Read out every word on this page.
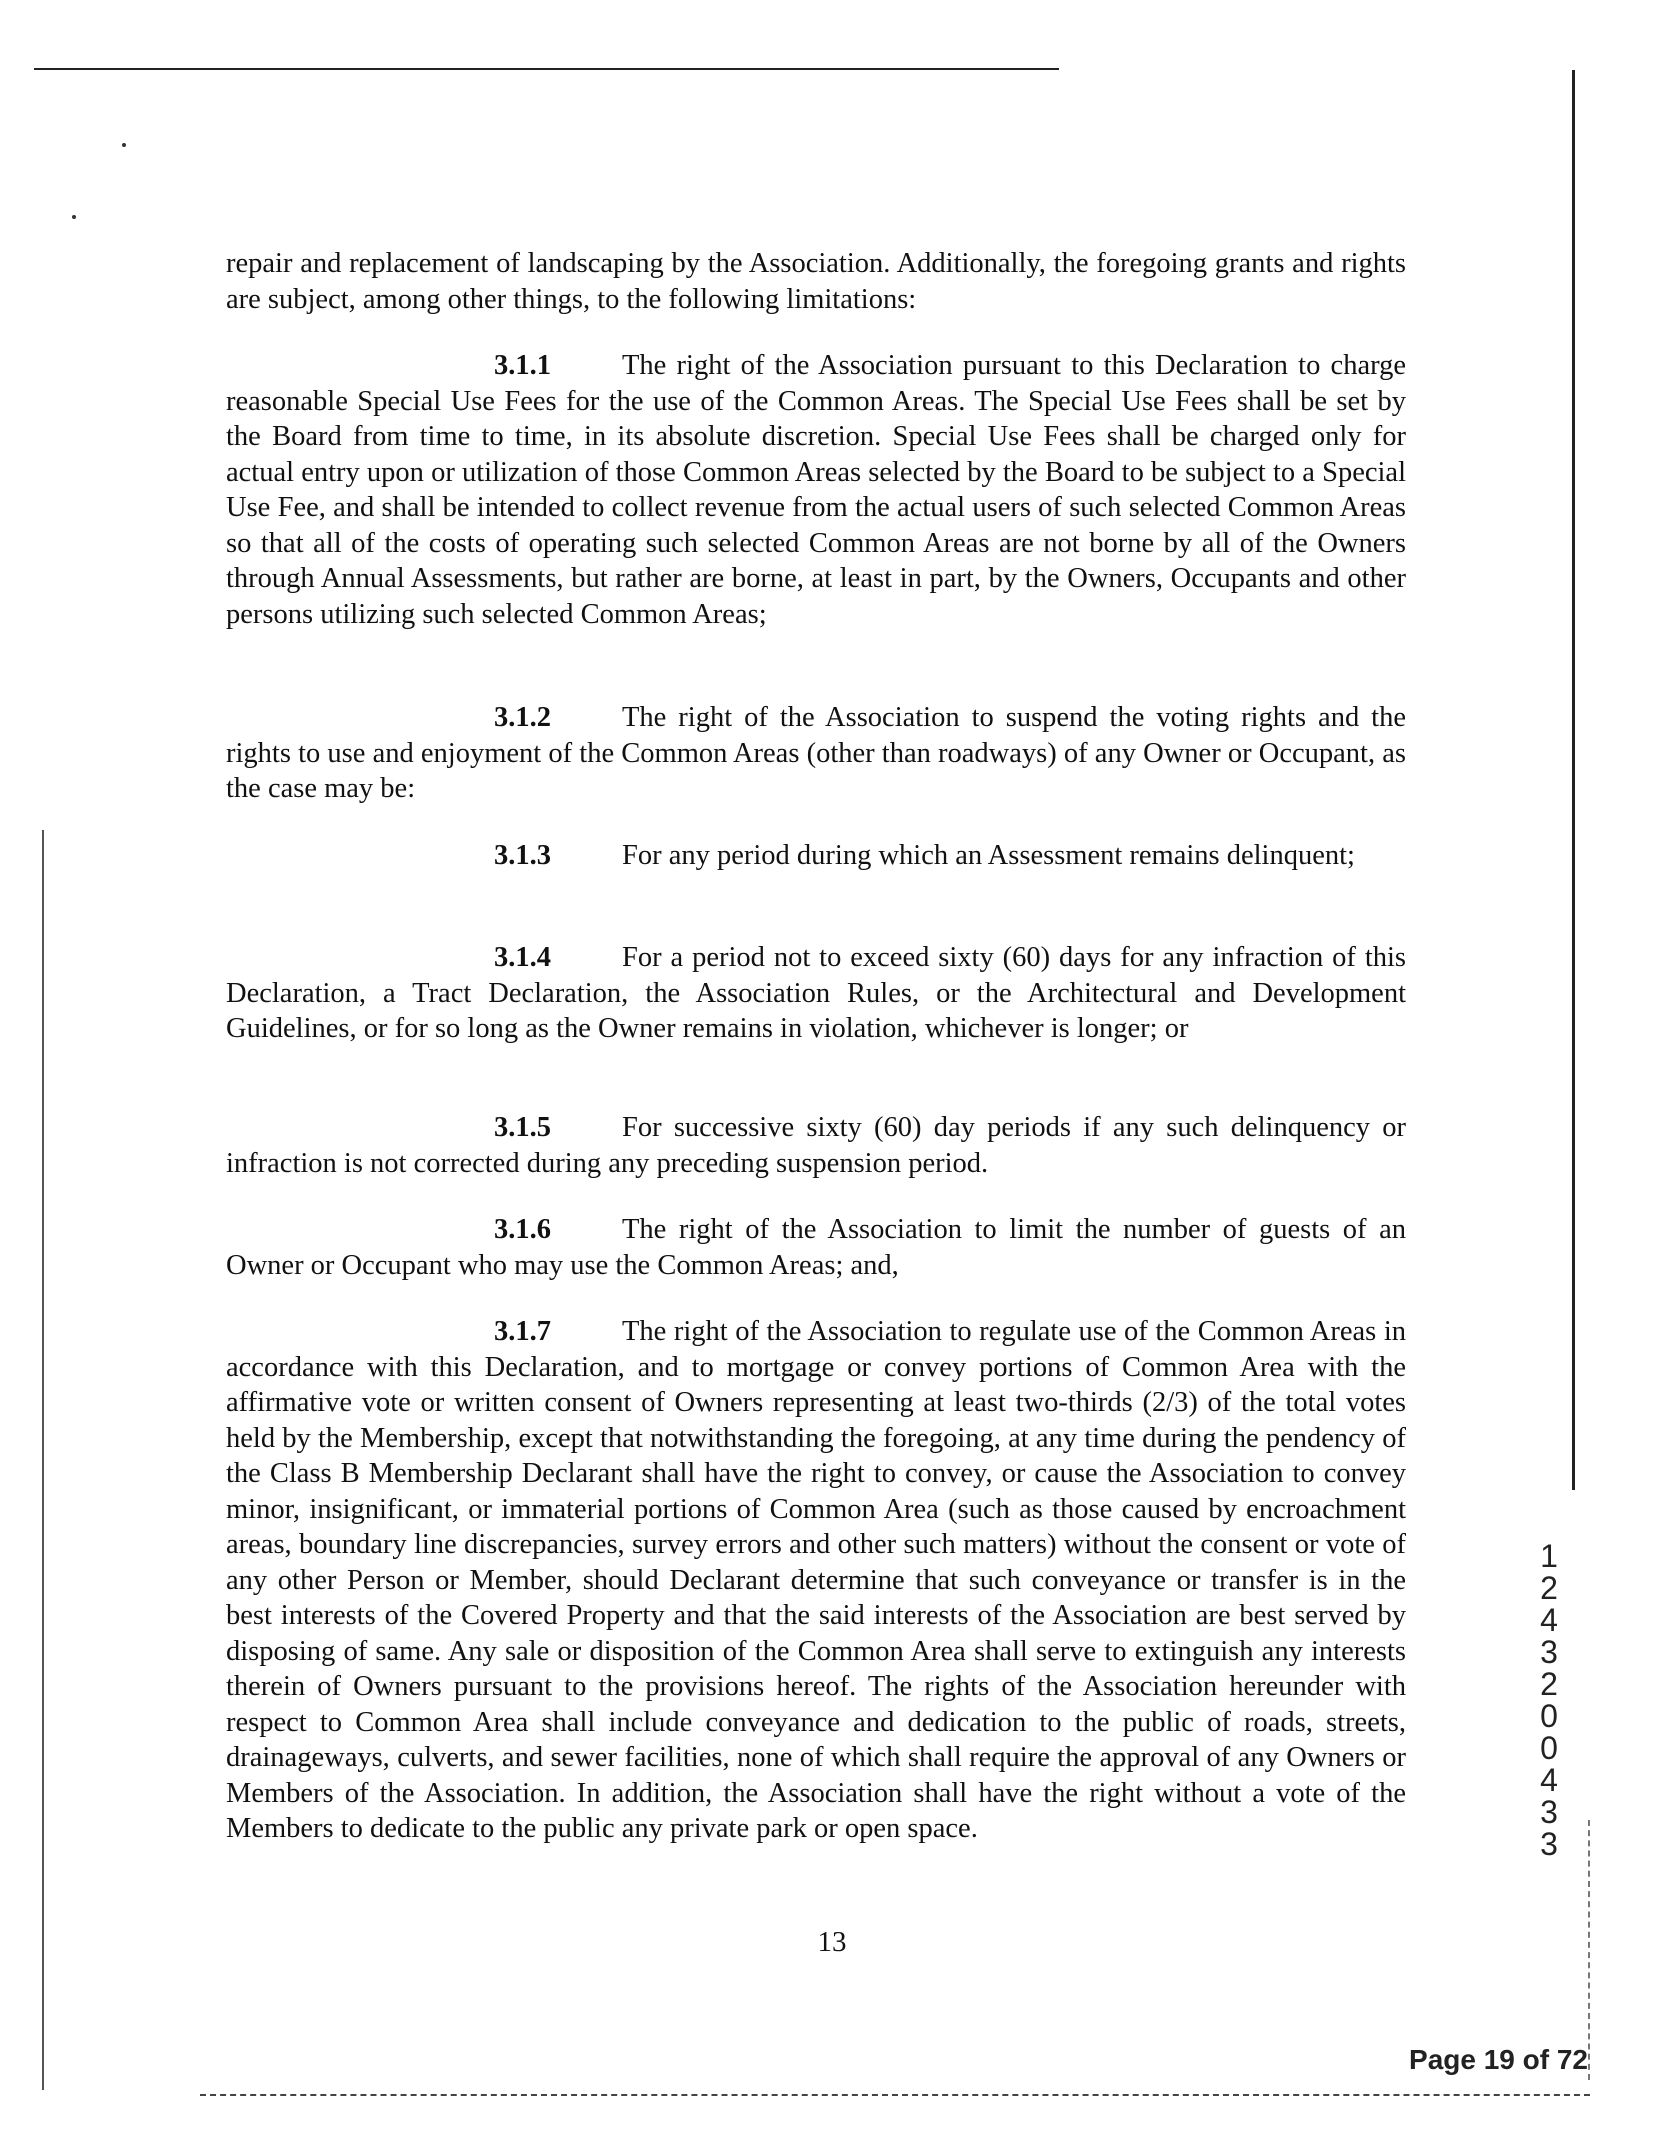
repair and replacement of landscaping by the Association. Additionally, the foregoing grants and rights are subject, among other things, to the following limitations:

3.1.1 The right of the Association pursuant to this Declaration to charge reasonable Special Use Fees for the use of the Common Areas. The Special Use Fees shall be set by the Board from time to time, in its absolute discretion. Special Use Fees shall be charged only for actual entry upon or utilization of those Common Areas selected by the Board to be subject to a Special Use Fee, and shall be intended to collect revenue from the actual users of such selected Common Areas so that all of the costs of operating such selected Common Areas are not borne by all of the Owners through Annual Assessments, but rather are borne, at least in part, by the Owners, Occupants and other persons utilizing such selected Common Areas;

3.1.2 The right of the Association to suspend the voting rights and the rights to use and enjoyment of the Common Areas (other than roadways) of any Owner or Occupant, as the case may be:

3.1.3 For any period during which an Assessment remains delinquent;

3.1.4 For a period not to exceed sixty (60) days for any infraction of this Declaration, a Tract Declaration, the Association Rules, or the Architectural and Development Guidelines, or for so long as the Owner remains in violation, whichever is longer; or

3.1.5 For successive sixty (60) day periods if any such delinquency or infraction is not corrected during any preceding suspension period.

3.1.6 The right of the Association to limit the number of guests of an Owner or Occupant who may use the Common Areas; and,

3.1.7 The right of the Association to regulate use of the Common Areas in accordance with this Declaration, and to mortgage or convey portions of Common Area with the affirmative vote or written consent of Owners representing at least two-thirds (2/3) of the total votes held by the Membership, except that notwithstanding the foregoing, at any time during the pendency of the Class B Membership Declarant shall have the right to convey, or cause the Association to convey minor, insignificant, or immaterial portions of Common Area (such as those caused by encroachment areas, boundary line discrepancies, survey errors and other such matters) without the consent or vote of any other Person or Member, should Declarant determine that such conveyance or transfer is in the best interests of the Covered Property and that the said interests of the Association are best served by disposing of same. Any sale or disposition of the Common Area shall serve to extinguish any interests therein of Owners pursuant to the provisions hereof. The rights of the Association hereunder with respect to Common Area shall include conveyance and dedication to the public of roads, streets, drainageways, culverts, and sewer facilities, none of which shall require the approval of any Owners or Members of the Association. In addition, the Association shall have the right without a vote of the Members to dedicate to the public any private park or open space.

13
1
2
4
3
2
0
0
4
3
3
Page 19 of 72
